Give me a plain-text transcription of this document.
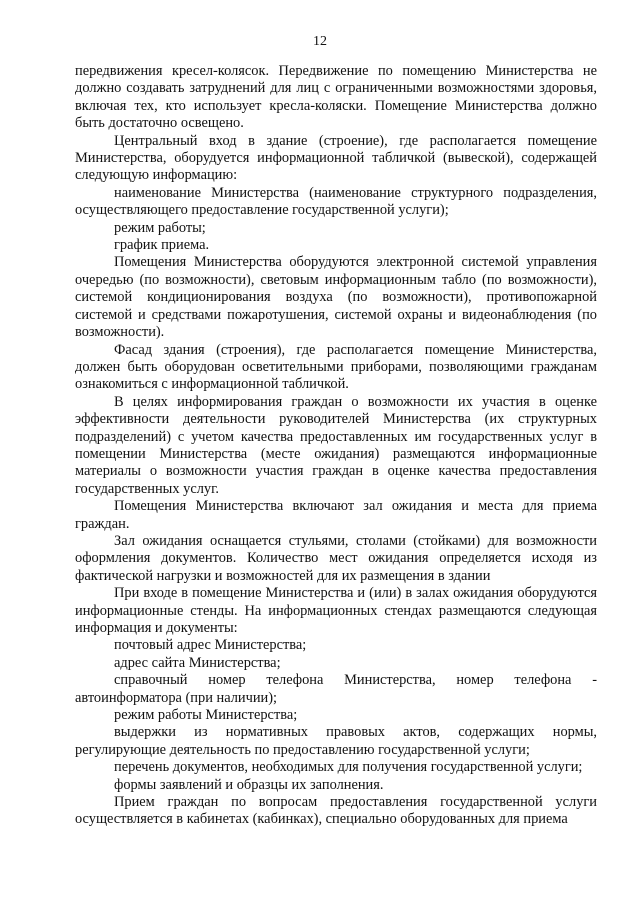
12

передвижения кресел-колясок. Передвижение по помещению Министерства не должно создавать затруднений для лиц с ограниченными возможностями здоровья, включая тех, кто использует кресла-коляски. Помещение Министерства должно быть достаточно освещено.

Центральный вход в здание (строение), где располагается помещение Министерства, оборудуется информационной табличкой (вывеской), содержащей следующую информацию:

наименование Министерства (наименование структурного подразделения, осуществляющего предоставление государственной услуги);

режим работы;

график приема.

Помещения Министерства оборудуются электронной системой управления очередью (по возможности), световым информационным табло (по возможности), системой кондиционирования воздуха (по возможности), противопожарной системой и средствами пожаротушения, системой охраны и видеонаблюдения (по возможности).

Фасад здания (строения), где располагается помещение Министерства, должен быть оборудован осветительными приборами, позволяющими гражданам ознакомиться с информационной табличкой.

В целях информирования граждан о возможности их участия в оценке эффективности деятельности руководителей Министерства (их структурных подразделений) с учетом качества предоставленных им государственных услуг в помещении Министерства (месте ожидания) размещаются информационные материалы о возможности участия граждан в оценке качества предоставления государственных услуг.

Помещения Министерства включают зал ожидания и места для приема граждан.

Зал ожидания оснащается стульями, столами (стойками) для возможности оформления документов. Количество мест ожидания определяется исходя из фактической нагрузки и возможностей для их размещения в здании

При входе в помещение Министерства и (или) в залах ожидания оборудуются информационные стенды. На информационных стендах размещаются следующая информация и документы:

почтовый адрес Министерства;

адрес сайта Министерства;

справочный номер телефона Министерства, номер телефона - автоинформатора (при наличии);

режим работы Министерства;

выдержки из нормативных правовых актов, содержащих нормы, регулирующие деятельность по предоставлению государственной услуги;

перечень документов, необходимых для получения государственной услуги;

формы заявлений и образцы их заполнения.

Прием граждан по вопросам предоставления государственной услуги осуществляется в кабинетах (кабинках), специально оборудованных для приема
